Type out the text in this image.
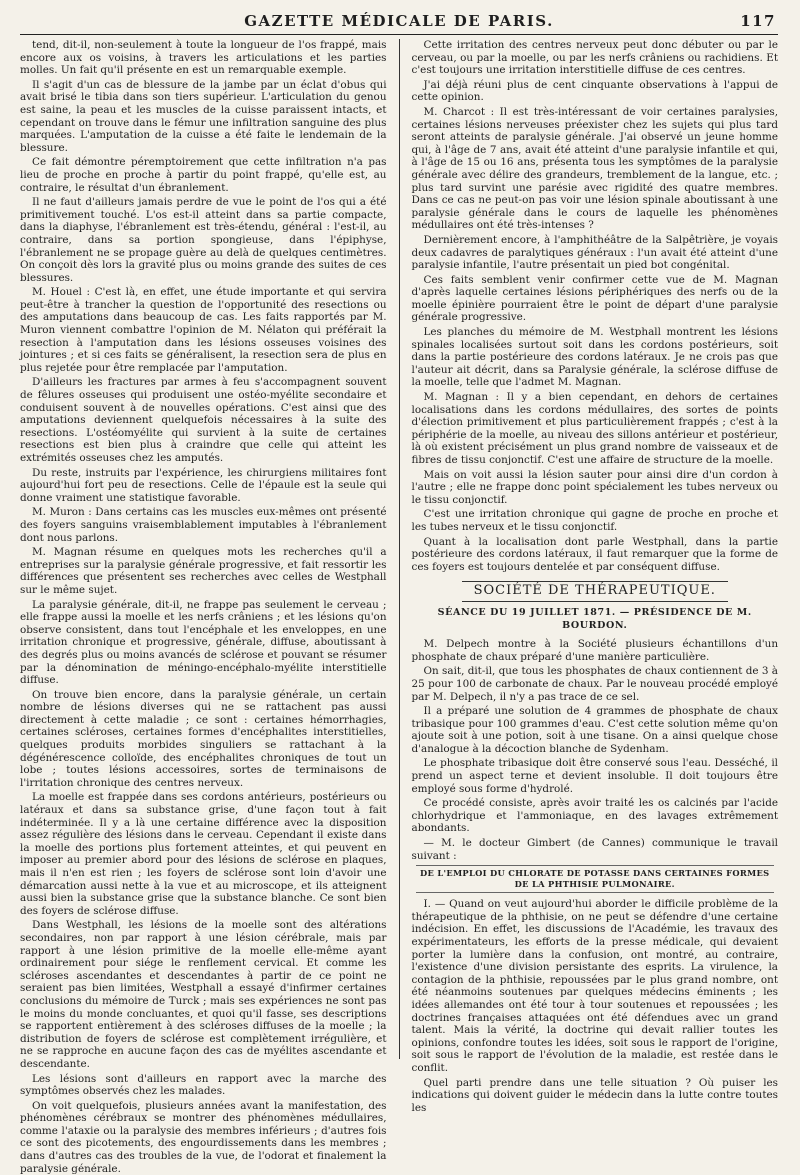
GAZETTE MÉDICALE DE PARIS.	117

tend, dit-il, non-seulement à toute la longueur de l'os frappé, mais encore aux os voisins, à travers les articulations et les parties molles. Un fait qu'il présente en est un remarquable exemple.

Il s'agit d'un cas de blessure de la jambe par un éclat d'obus qui avait brisé le tibia dans son tiers supérieur. L'articulation du genou est saine, la peau et les muscles de la cuisse paraissent intacts, et cependant on trouve dans le fémur une infiltration sanguine des plus marquées. L'amputation de la cuisse a été faite le lendemain de la blessure.

Ce fait démontre péremptoirement que cette infiltration n'a pas lieu de proche en proche à partir du point frappé, qu'elle est, au contraire, le résultat d'un ébranlement.

Il ne faut d'ailleurs jamais perdre de vue le point de l'os qui a été primitivement touché. L'os est-il atteint dans sa partie compacte, dans la diaphyse, l'ébranlement est très-étendu, général : l'est-il, au contraire, dans sa portion spongieuse, dans l'épiphyse, l'ébranlement ne se propage guère au delà de quelques centimètres. On conçoit dès lors la gravité plus ou moins grande des suites de ces blessures.

M. Houel : C'est là, en effet, une étude importante et qui servira peut-être à trancher la question de l'opportunité des resections ou des amputations dans beaucoup de cas. Les faits rapportés par M. Muron viennent combattre l'opinion de M. Nélaton qui préférait la resection à l'amputation dans les lésions osseuses voisines des jointures ; et si ces faits se généralisent, la resection sera de plus en plus rejetée pour être remplacée par l'amputation.

D'ailleurs les fractures par armes à feu s'accompagnent souvent de fêlures osseuses qui produisent une ostéo-myélite secondaire et conduisent souvent à de nouvelles opérations. C'est ainsi que des amputations deviennent quelquefois nécessaires à la suite des resections. L'ostéomyélite qui survient à la suite de certaines resections est bien plus à craindre que celle qui atteint les extrémités osseuses chez les amputés.

Du reste, instruits par l'expérience, les chirurgiens militaires font aujourd'hui fort peu de resections. Celle de l'épaule est la seule qui donne vraiment une statistique favorable.

M. Muron : Dans certains cas les muscles eux-mêmes ont présenté des foyers sanguins vraisemblablement imputables à l'ébranlement dont nous parlons.

M. Magnan résume en quelques mots les recherches qu'il a entreprises sur la paralysie générale progressive, et fait ressortir les différences que présentent ses recherches avec celles de Westphall sur le même sujet.

La paralysie générale, dit-il, ne frappe pas seulement le cerveau ; elle frappe aussi la moelle et les nerfs crâniens ; et les lésions qu'on observe consistent, dans tout l'encéphale et les enveloppes, en une irritation chronique et progressive, générale, diffuse, aboutissant à des degrés plus ou moins avancés de sclérose et pouvant se résumer par la dénomination de méningo-encéphalo-myélite interstitielle diffuse.

On trouve bien encore, dans la paralysie générale, un certain nombre de lésions diverses qui ne se rattachent pas aussi directement à cette maladie ; ce sont : certaines hémorrhagies, certaines scléroses, certaines formes d'encéphalites interstitielles, quelques produits morbides singuliers se rattachant à la dégénérescence colloïde, des encéphalites chroniques de tout un lobe ; toutes lésions accessoires, sortes de terminaisons de l'irritation chronique des centres nerveux.

La moelle est frappée dans ses cordons antérieurs, postérieurs ou latéraux et dans sa substance grise, d'une façon tout à fait indéterminée. Il y a là une certaine différence avec la disposition assez régulière des lésions dans le cerveau. Cependant il existe dans la moelle des portions plus fortement atteintes, et qui peuvent en imposer au premier abord pour des lésions de sclérose en plaques, mais il n'en est rien ; les foyers de sclérose sont loin d'avoir une démarcation aussi nette à la vue et au microscope, et ils atteignent aussi bien la substance grise que la substance blanche. Ce sont bien des foyers de sclérose diffuse.

Dans Westphall, les lésions de la moelle sont des altérations secondaires, non par rapport à une lésion cérébrale, mais par rapport à une lésion primitive de la moelle elle-même ayant ordinairement pour siége le renflement cervical. Et comme les scléroses ascendantes et descendantes à partir de ce point ne seraient pas bien limitées, Westphall a essayé d'infirmer certaines conclusions du mémoire de Turck ; mais ses expériences ne sont pas le moins du monde concluantes, et quoi qu'il fasse, ses descriptions se rapportent entièrement à des scléroses diffuses de la moelle ; la distribution de foyers de sclérose est complètement irrégulière, et ne se rapproche en aucune façon des cas de myélites ascendante et descendante.

Les lésions sont d'ailleurs en rapport avec la marche des symptômes observés chez les malades.

On voit quelquefois, plusieurs années avant la manifestation, des phénomènes cérébraux se montrer des phénomènes médullaires, comme l'ataxie ou la paralysie des membres inférieurs ; d'autres fois ce sont des picotements, des engourdissements dans les membres ; dans d'autres cas des troubles de la vue, de l'odorat et finalement la paralysie générale.

Cette irritation des centres nerveux peut donc débuter ou par le cerveau, ou par la moelle, ou par les nerfs crâniens ou rachidiens. Et c'est toujours une irritation interstitielle diffuse de ces centres.

J'ai déjà réuni plus de cent cinquante observations à l'appui de cette opinion.

M. Charcot : Il est très-intéressant de voir certaines paralysies, certaines lésions nerveuses préexister chez les sujets qui plus tard seront atteints de paralysie générale. J'ai observé un jeune homme qui, à l'âge de 7 ans, avait été atteint d'une paralysie infantile et qui, à l'âge de 15 ou 16 ans, présenta tous les symptômes de la paralysie générale avec délire des grandeurs, tremblement de la langue, etc. ; plus tard survint une parésie avec rigidité des quatre membres. Dans ce cas ne peut-on pas voir une lésion spinale aboutissant à une paralysie générale dans le cours de laquelle les phénomènes médullaires ont été très-intenses ?

Dernièrement encore, à l'amphithéâtre de la Salpêtrière, je voyais deux cadavres de paralytiques généraux : l'un avait été atteint d'une paralysie infantile, l'autre présentait un pied bot congénital.

Ces faits semblent venir confirmer cette vue de M. Magnan d'après laquelle certaines lésions périphériques des nerfs ou de la moelle épinière pourraient être le point de départ d'une paralysie générale progressive.

Les planches du mémoire de M. Westphall montrent les lésions spinales localisées surtout soit dans les cordons postérieurs, soit dans la partie postérieure des cordons latéraux. Je ne crois pas que l'auteur ait décrit, dans sa Paralysie générale, la sclérose diffuse de la moelle, telle que l'admet M. Magnan.

M. Magnan : Il y a bien cependant, en dehors de certaines localisations dans les cordons médullaires, des sortes de points d'élection primitivement et plus particulièrement frappés ; c'est à la périphérie de la moelle, au niveau des sillons antérieur et postérieur, là où existent précisément un plus grand nombre de vaisseaux et de fibres de tissu conjonctif. C'est une affaire de structure de la moelle.

Mais on voit aussi la lésion sauter pour ainsi dire d'un cordon à l'autre ; elle ne frappe donc point spécialement les tubes nerveux ou le tissu conjonctif.

C'est une irritation chronique qui gagne de proche en proche et les tubes nerveux et le tissu conjonctif.

Quant à la localisation dont parle Westphall, dans la partie postérieure des cordons latéraux, il faut remarquer que la forme de ces foyers est toujours dentelée et par conséquent diffuse.

SOCIÉTÉ DE THÉRAPEUTIQUE.
SÉANCE DU 19 JUILLET 1871. — PRÉSIDENCE DE M. BOURDON.

M. Delpech montre à la Société plusieurs échantillons d'un phosphate de chaux préparé d'une manière particulière.

On sait, dit-il, que tous les phosphates de chaux contiennent de 3 à 25 pour 100 de carbonate de chaux. Par le nouveau procédé employé par M. Delpech, il n'y a pas trace de ce sel.

Il a préparé une solution de 4 grammes de phosphate de chaux tribasique pour 100 grammes d'eau. C'est cette solution même qu'on ajoute soit à une potion, soit à une tisane. On a ainsi quelque chose d'analogue à la décoction blanche de Sydenham.

Le phosphate tribasique doit être conservé sous l'eau. Desséché, il prend un aspect terne et devient insoluble. Il doit toujours être employé sous forme d'hydrolé.

Ce procédé consiste, après avoir traité les os calcinés par l'acide chlorhydrique et l'ammoniaque, en des lavages extrêmement abondants.

— M. le docteur Gimbert (de Cannes) communique le travail suivant :

DE L'EMPLOI DU CHLORATE DE POTASSE DANS CERTAINES FORMES DE LA PHTHISIE PULMONAIRE.

I. — Quand on veut aujourd'hui aborder le difficile problème de la thérapeutique de la phthisie, on ne peut se défendre d'une certaine indécision. En effet, les discussions de l'Académie, les travaux des expérimentateurs, les efforts de la presse médicale, qui devaient porter la lumière dans la confusion, ont montré, au contraire, l'existence d'une division persistante des esprits. La virulence, la contagion de la phthisie, repoussées par le plus grand nombre, ont été néanmoins soutenues par quelques médecins éminents ; les idées allemandes ont été tour à tour soutenues et repoussées ; les doctrines françaises attaquées ont été défendues avec un grand talent. Mais la vérité, la doctrine qui devait rallier toutes les opinions, confondre toutes les idées, soit sous le rapport de l'origine, soit sous le rapport de l'évolution de la maladie, est restée dans le conflit.

Quel parti prendre dans une telle situation ? Où puiser les indications qui doivent guider le médecin dans la lutte contre toutes les
